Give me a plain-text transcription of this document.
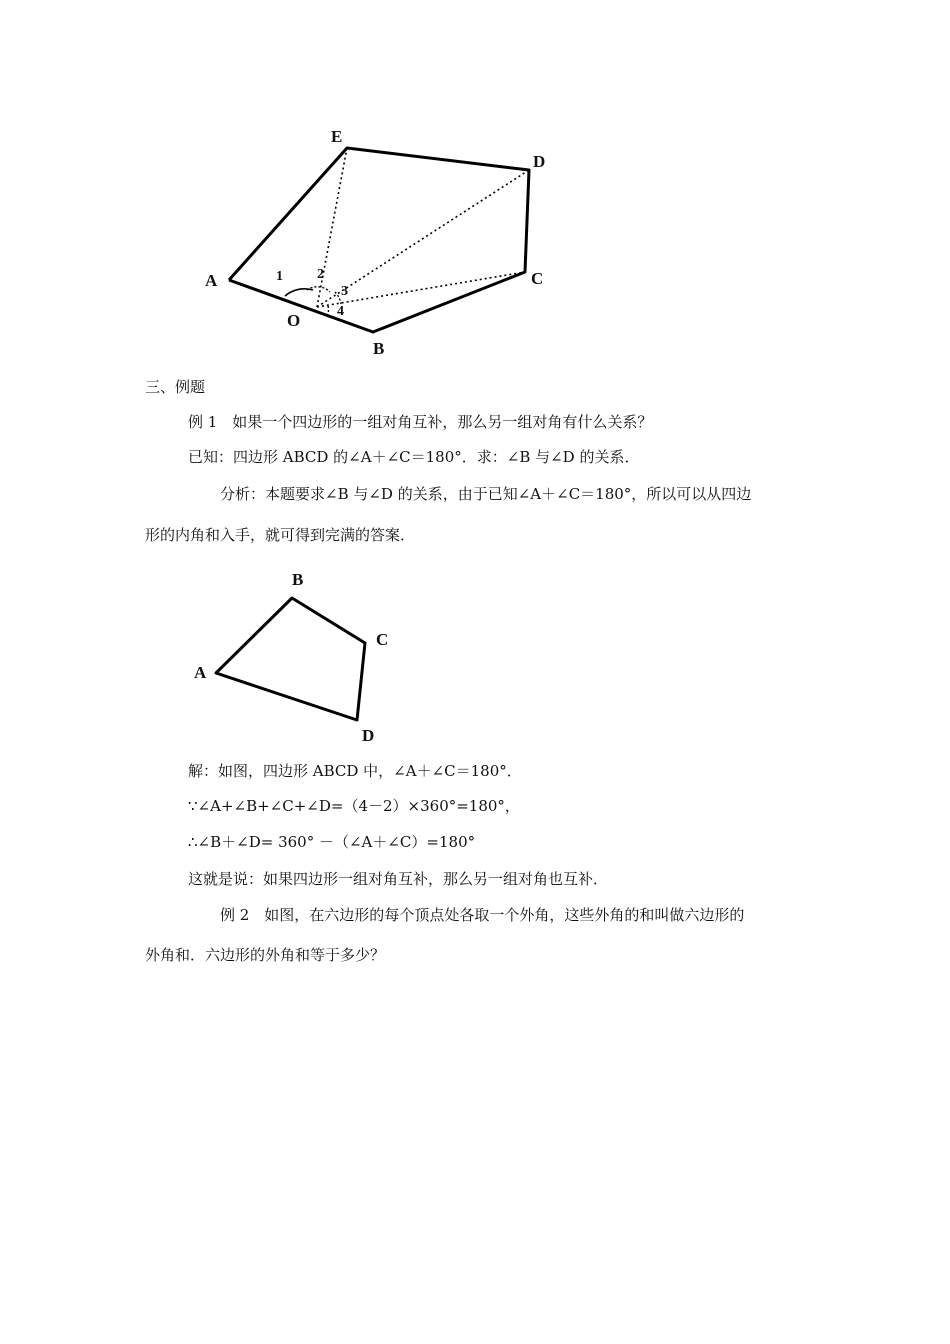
E
D
A	C
O
B
1 2
3
4
三、例题
例 1　如果一个四边形的一组对角互补，那么另一组对角有什么关系？
已知：四边形 ABCD 的∠A＋∠C＝180°．求：∠B 与∠D 的关系．
分析：本题要求∠B 与∠D 的关系，由于已知∠A＋∠C＝180°，所以可以从四边
形的内角和入手，就可得到完满的答案．
B
C
A
D
解：如图，四边形 ABCD 中，∠A＋∠C＝180°．
∵∠A+∠B+∠C+∠D=（4－2）×360°=180°，
∴∠B＋∠D= 360° －（∠A＋∠C）=180°
这就是说：如果四边形一组对角互补，那么另一组对角也互补．
例 2　如图，在六边形的每个顶点处各取一个外角，这些外角的和叫做六边形的
外角和．六边形的外角和等于多少？
